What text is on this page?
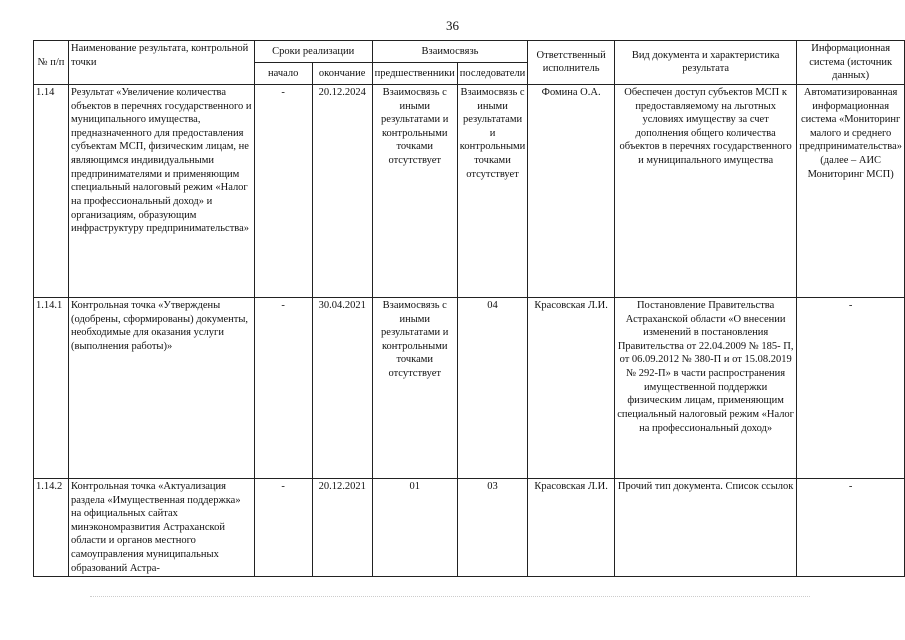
36
№ п/п	Наименование результата, контрольной точки	Сроки реализации		Взаимосвязь		Ответственный исполнитель	Вид документа и характеристика результата	Информационная система (источник данных)
		начало	окончание	предшественники	последователи			
1.14	Результат «Увеличение количества объектов в перечнях государственного и муниципального имущества, предназначенного для предоставления субъектам МСП, физическим лицам, не являющимся индивидуальными предпринимателями и применяющим специальный налоговый режим «Налог на профессиональный доход» и организациям, образующим инфраструктуру предпринимательства»	-	20.12.2024	Взаимосвязь с иными результатами и контрольными точками отсутствует	Взаимосвязь с иными результатами и контрольными точками отсутствует	Фомина О.А.	Обеспечен доступ субъектов МСП к предоставляемому на льготных условиях имуществу за счет дополнения общего количества объектов в перечнях государственного и муниципального имущества	Автоматизированная информационная система «Мониторинг малого и среднего предпринимательства» (далее – АИС Мониторинг МСП)
1.14.1	Контрольная точка «Утверждены (одобрены, сформированы) документы, необходимые для оказания услуги (выполнения работы)»	-	30.04.2021	Взаимосвязь с иными результатами и контрольными точками отсутствует	04	Красовская Л.И.	Постановление Правительства Астраханской области «О внесении изменений в постановления Правительства от 22.04.2009 № 185- П, от 06.09.2012 № 380-П и от 15.08.2019 № 292-П» в части распространения имущественной поддержки физическим лицам, применяющим специальный налоговый режим «Налог на профессиональный доход»	-
1.14.2	Контрольная точка «Актуализация раздела «Имущественная поддержка» на официальных сайтах минэкономразвития Астраханской области и органов местного самоуправления муниципальных образований Астра-	-	20.12.2021	01	03	Красовская Л.И.	Прочий тип документа. Список ссылок	-
